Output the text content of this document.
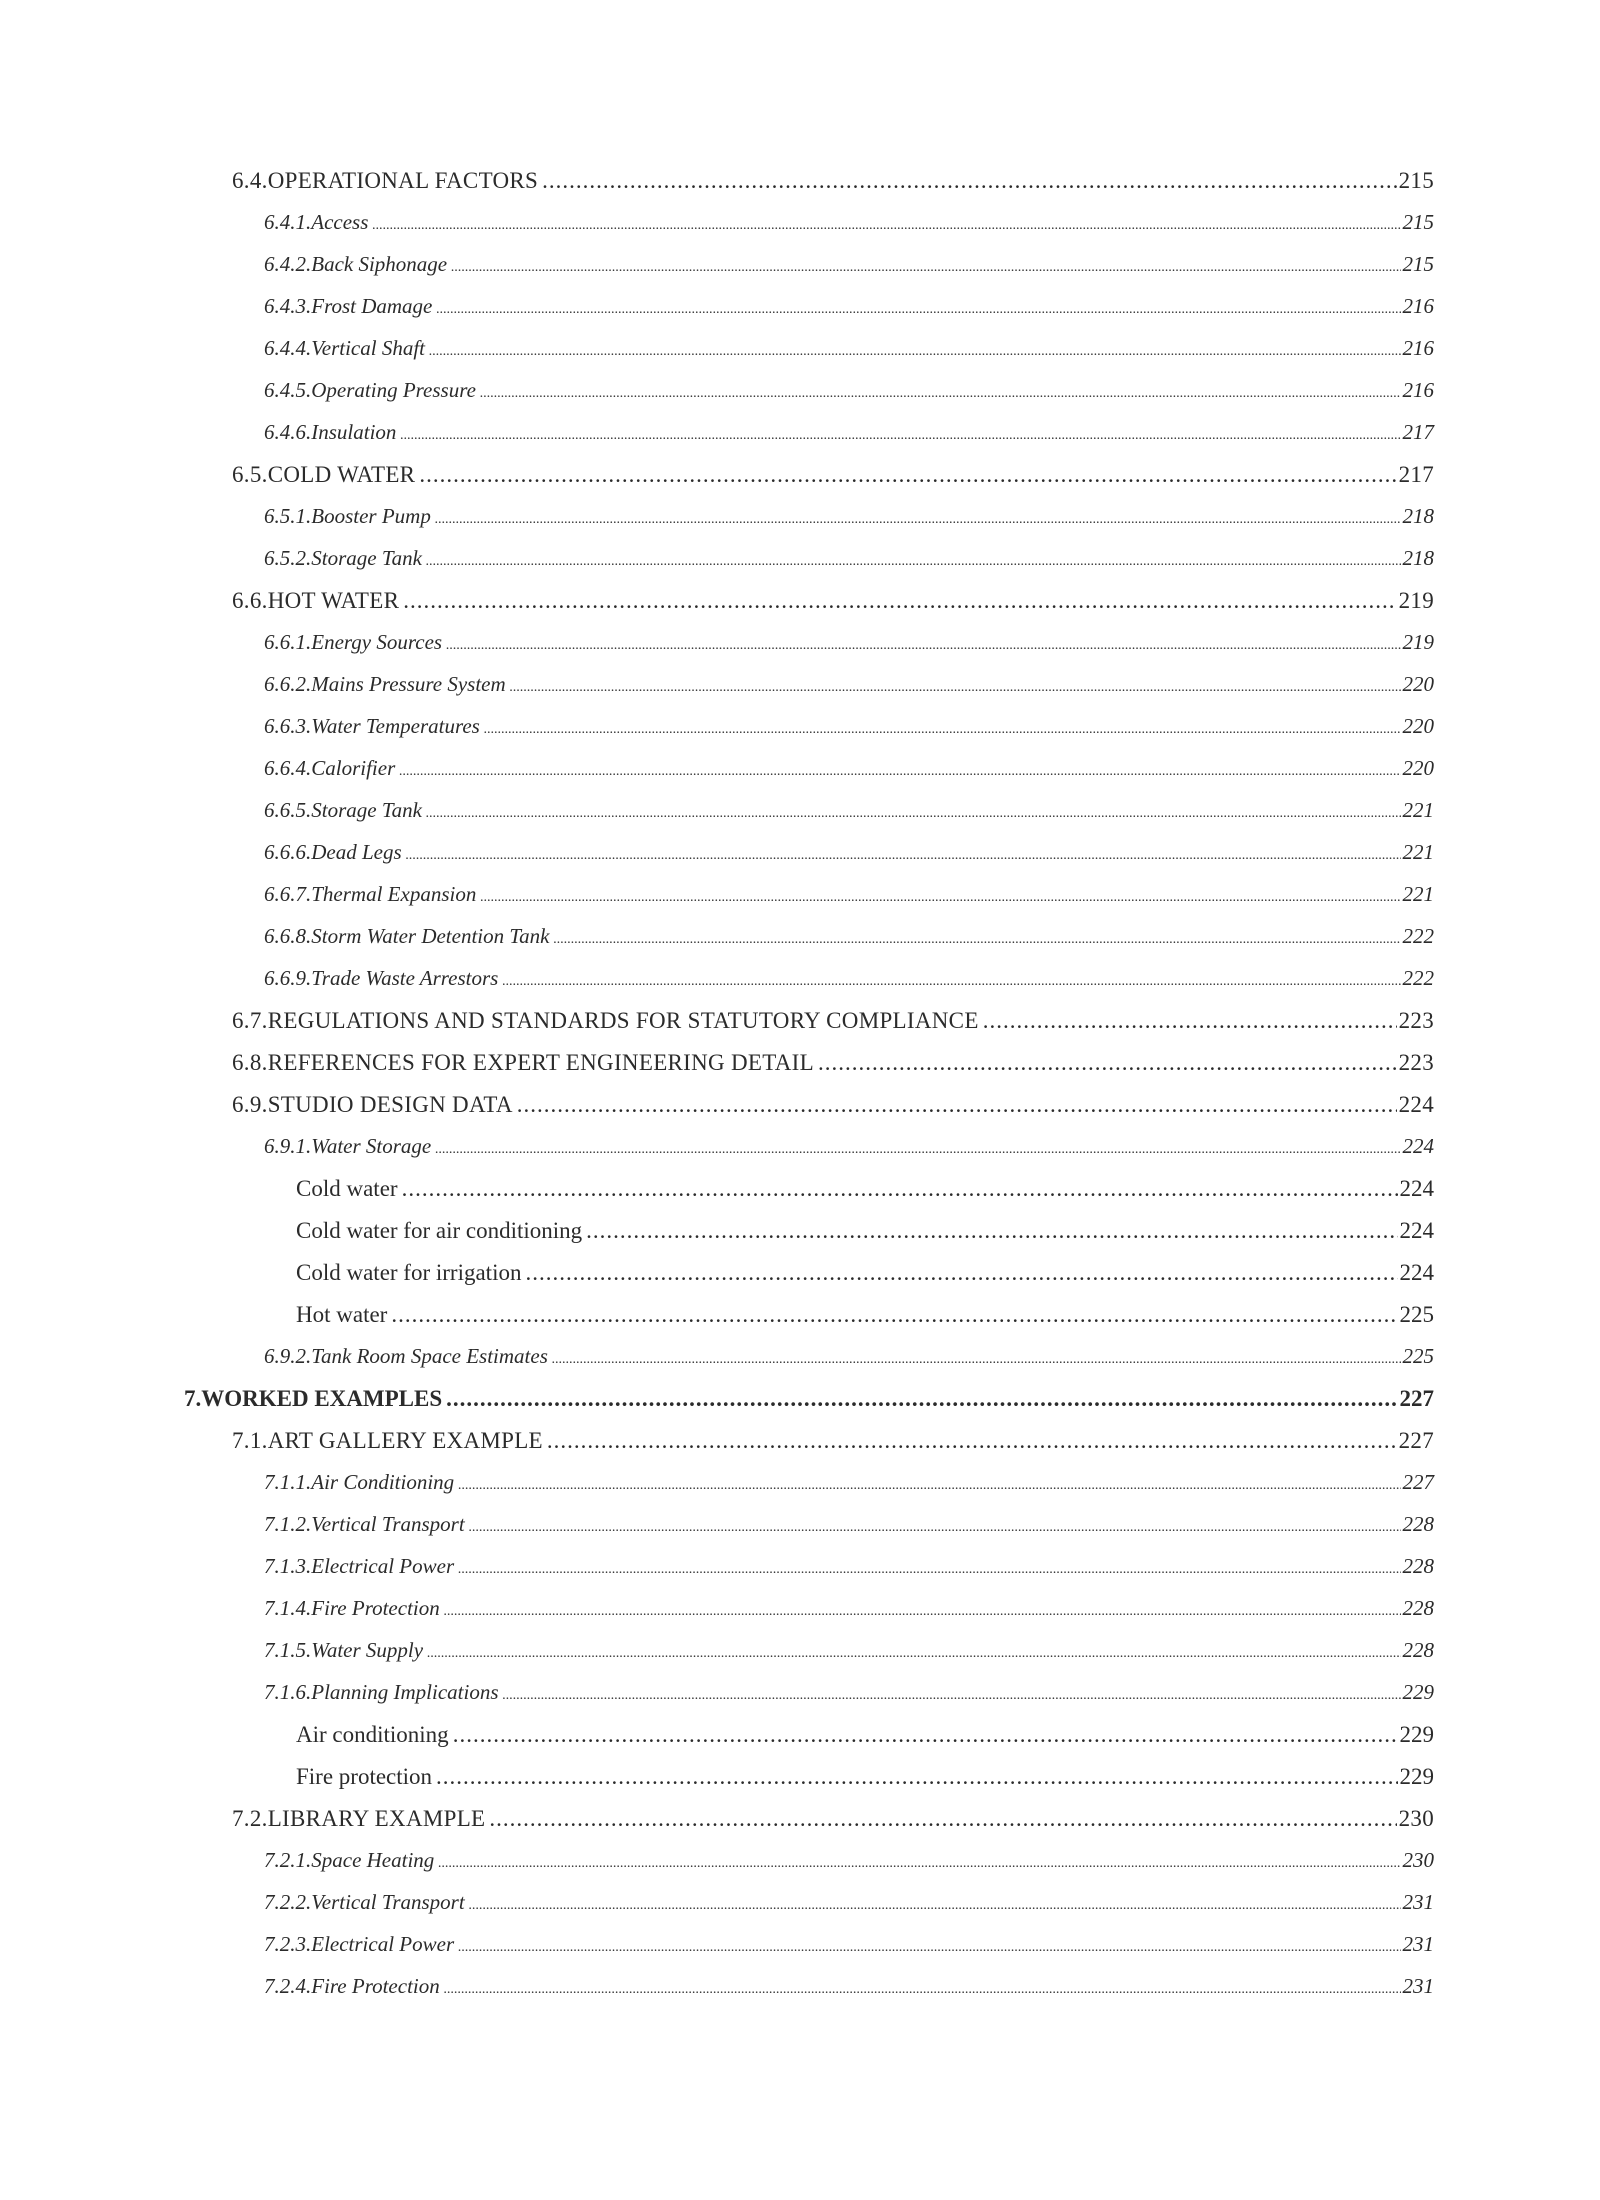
6.4. OPERATIONAL FACTORS .....	215
6.4.1. Access .....	215
6.4.2. Back Siphonage .....	215
6.4.3. Frost Damage .....	216
6.4.4. Vertical Shaft .....	216
6.4.5. Operating Pressure .....	216
6.4.6. Insulation .....	217
6.5. COLD WATER .....	217
6.5.1. Booster Pump .....	218
6.5.2. Storage Tank .....	218
6.6. HOT WATER .....	219
6.6.1. Energy Sources .....	219
6.6.2. Mains Pressure System .....	220
6.6.3. Water Temperatures .....	220
6.6.4. Calorifier .....	220
6.6.5. Storage Tank .....	221
6.6.6. Dead Legs .....	221
6.6.7. Thermal Expansion .....	221
6.6.8. Storm Water Detention Tank .....	222
6.6.9. Trade Waste Arrestors .....	222
6.7. REGULATIONS AND STANDARDS FOR STATUTORY COMPLIANCE .....	223
6.8. REFERENCES FOR EXPERT ENGINEERING DETAIL .....	223
6.9. STUDIO DESIGN DATA .....	224
6.9.1. Water Storage .....	224
Cold water .....	224
Cold water for air conditioning .....	224
Cold water for irrigation .....	224
Hot water .....	225
6.9.2. Tank Room Space Estimates .....	225
7. WORKED EXAMPLES .....	227
7.1. ART GALLERY EXAMPLE .....	227
7.1.1. Air Conditioning .....	227
7.1.2. Vertical Transport .....	228
7.1.3. Electrical Power .....	228
7.1.4. Fire Protection .....	228
7.1.5. Water Supply .....	228
7.1.6. Planning Implications .....	229
Air conditioning .....	229
Fire protection .....	229
7.2. LIBRARY EXAMPLE .....	230
7.2.1. Space Heating .....	230
7.2.2. Vertical Transport .....	231
7.2.3. Electrical Power .....	231
7.2.4. Fire Protection .....	231
